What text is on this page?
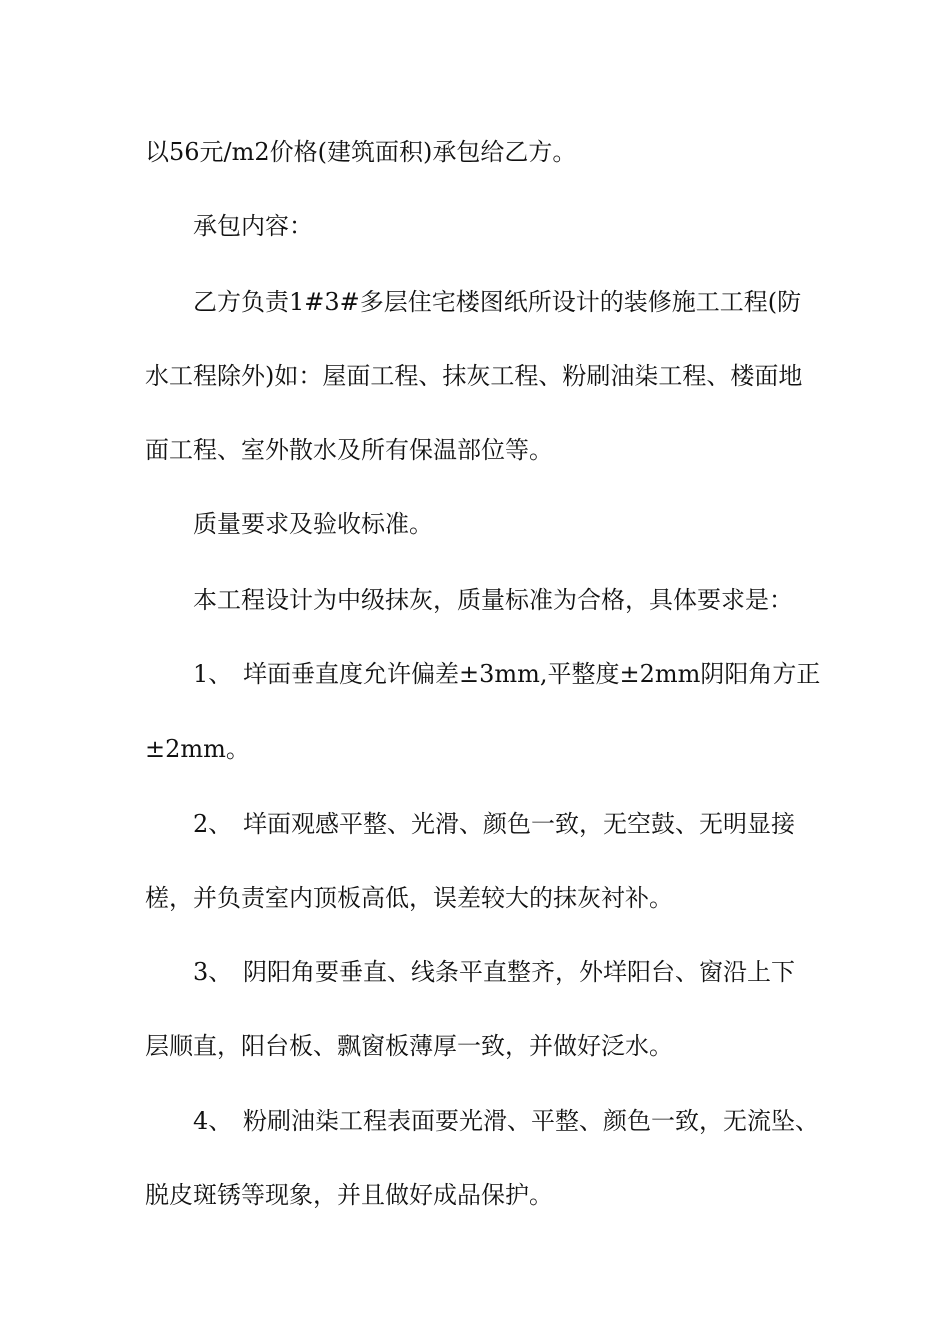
以56元/m2价格(建筑面积)承包给乙方。
承包内容：
乙方负责1#3#多层住宅楼图纸所设计的装修施工工程(防
水工程除外)如：屋面工程、抹灰工程、粉刷油柒工程、楼面地
面工程、室外散水及所有保温部位等。
质量要求及验收标准。
本工程设计为中级抹灰，质量标准为合格，具体要求是：
1、 垟面垂直度允许偏差±3mm,平整度±2mm阴阳角方正
±2mm。
2、 垟面观感平整、光滑、颜色一致，无空鼓、无明显接
槎，并负责室内顶板高低，误差较大的抹灰衬补。
3、 阴阳角要垂直、线条平直整齐，外垟阳台、窗沿上下
层顺直，阳台板、飘窗板薄厚一致，并做好泛水。
4、 粉刷油柒工程表面要光滑、平整、颜色一致，无流坠、
脱皮斑锈等现象，并且做好成品保护。
